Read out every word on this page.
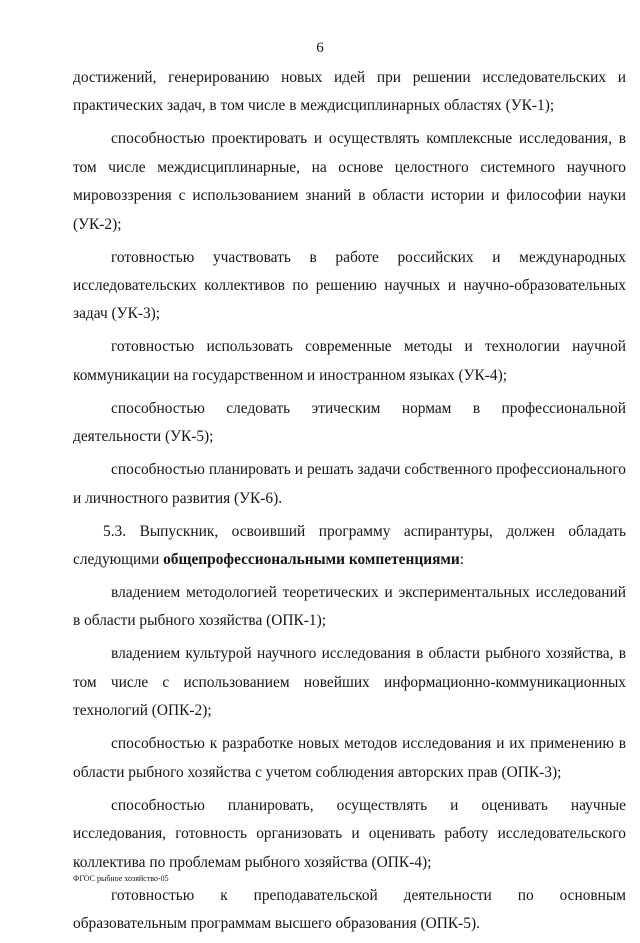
6

достижений, генерированию новых идей при решении исследовательских и практических задач, в том числе в междисциплинарных областях (УК-1);

способностью проектировать и осуществлять комплексные исследования, в том числе междисциплинарные, на основе целостного системного научного мировоззрения с использованием знаний в области истории и философии науки (УК-2);

готовностью участвовать в работе российских и международных исследовательских коллективов по решению научных и научно-образовательных задач (УК-3);

готовностью использовать современные методы и технологии научной коммуникации на государственном и иностранном языках (УК-4);

способностью следовать этическим нормам в профессиональной деятельности (УК-5);

способностью планировать и решать задачи собственного профессионального и личностного развития (УК-6).

5.3. Выпускник, освоивший программу аспирантуры, должен обладать следующими общепрофессиональными компетенциями:

владением методологией теоретических и экспериментальных исследований в области рыбного хозяйства (ОПК-1);

владением культурой научного исследования в области рыбного хозяйства, в том числе с использованием новейших информационно-коммуникационных технологий (ОПК-2);

способностью к разработке новых методов исследования и их применению в области рыбного хозяйства с учетом соблюдения авторских прав (ОПК-3);

способностью планировать, осуществлять и оценивать научные исследования, готовность организовать и оценивать работу исследовательского коллектива по проблемам рыбного хозяйства (ОПК-4);

готовностью к преподавательской деятельности по основным образовательным программам высшего образования (ОПК-5).

ФГОС рыбное хозяйство-05
